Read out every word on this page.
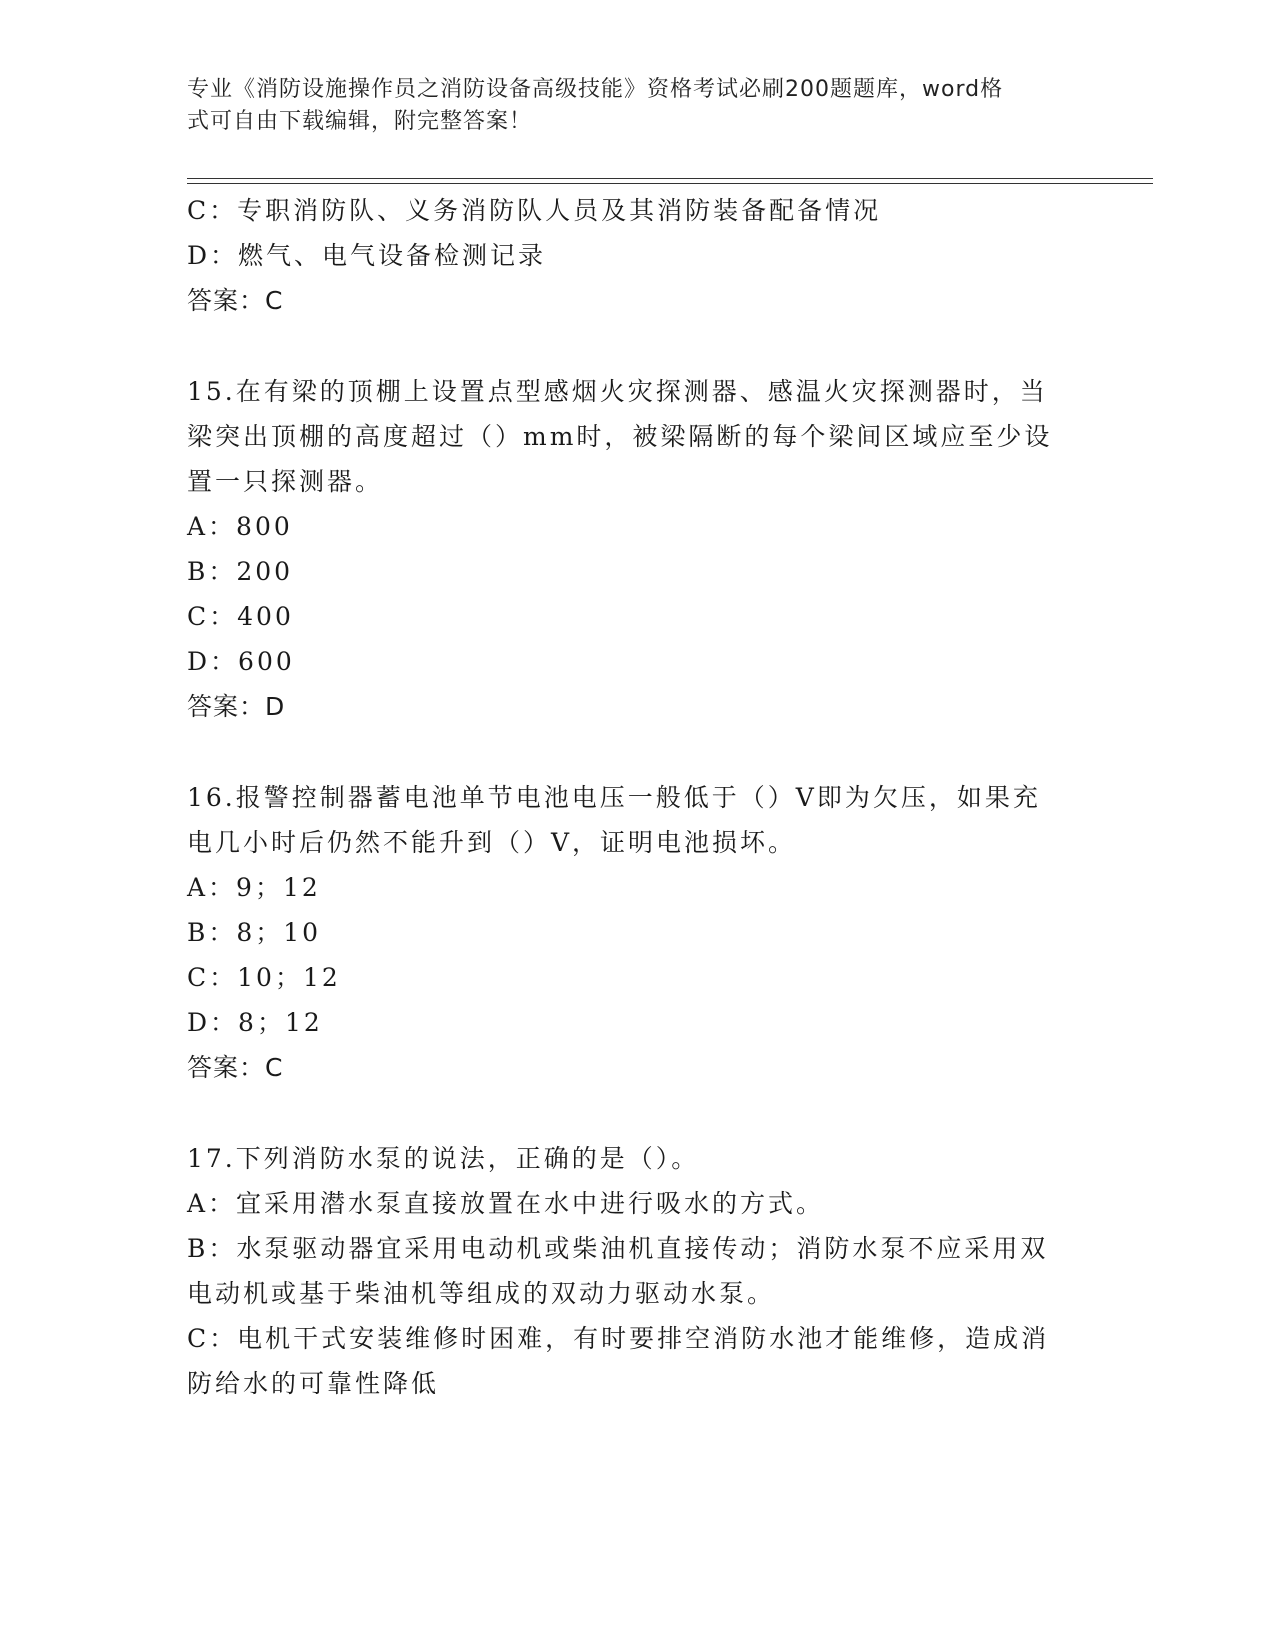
专业《消防设施操作员之消防设备高级技能》资格考试必刷200题题库，word格
式可自由下载编辑，附完整答案！
C：专职消防队、义务消防队人员及其消防装备配备情况
D：燃气、电气设备检测记录
答案：C
15.在有梁的顶棚上设置点型感烟火灾探测器、感温火灾探测器时，当
梁突出顶棚的高度超过（）mm时，被梁隔断的每个梁间区域应至少设
置一只探测器。
A：800
B：200
C：400
D：600
答案：D
16.报警控制器蓄电池单节电池电压一般低于（）V即为欠压，如果充
电几小时后仍然不能升到（）V，证明电池损坏。
A：9；12
B：8；10
C：10；12
D：8；12
答案：C
17.下列消防水泵的说法，正确的是（）。
A：宜采用潜水泵直接放置在水中进行吸水的方式。
B：水泵驱动器宜采用电动机或柴油机直接传动；消防水泵不应采用双
电动机或基于柴油机等组成的双动力驱动水泵。
C：电机干式安装维修时困难，有时要排空消防水池才能维修，造成消
防给水的可靠性降低
